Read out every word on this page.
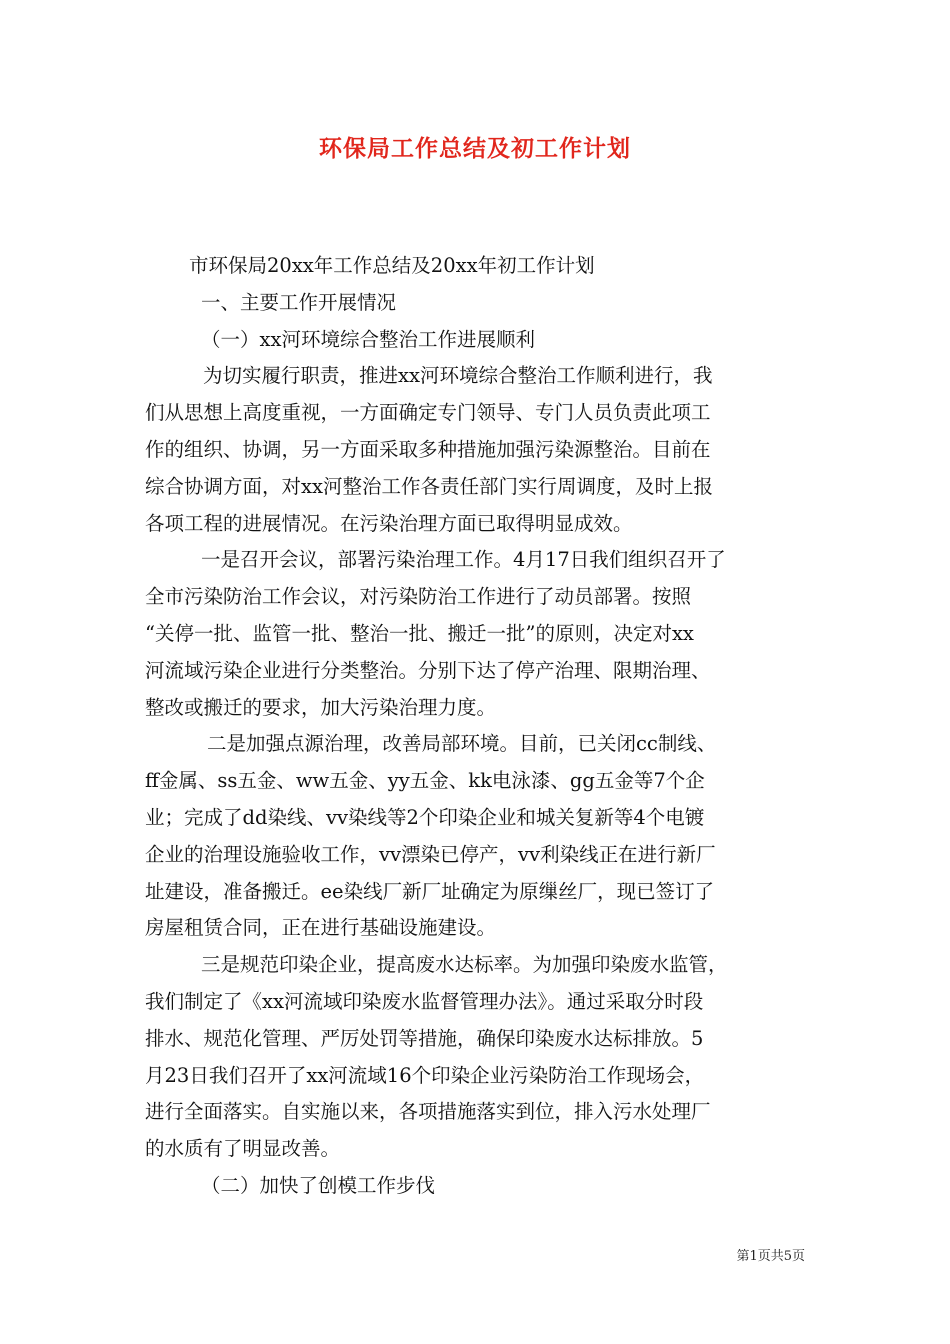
环保局工作总结及初工作计划
市环保局20xx年工作总结及20xx年初工作计划
一、主要工作开展情况
（一）xx河环境综合整治工作进展顺利
为切实履行职责，推进xx河环境综合整治工作顺利进行，我
们从思想上高度重视，一方面确定专门领导、专门人员负责此项工
作的组织、协调，另一方面采取多种措施加强污染源整治。目前在
综合协调方面，对xx河整治工作各责任部门实行周调度，及时上报
各项工程的进展情况。在污染治理方面已取得明显成效。
一是召开会议，部署污染治理工作。4月17日我们组织召开了
全市污染防治工作会议，对污染防治工作进行了动员部署。按照
“关停一批、监管一批、整治一批、搬迁一批”的原则，决定对xx
河流域污染企业进行分类整治。分别下达了停产治理、限期治理、
整改或搬迁的要求，加大污染治理力度。
二是加强点源治理，改善局部环境。目前，已关闭cc制线、
ff金属、ss五金、ww五金、yy五金、kk电泳漆、gg五金等7个企
业；完成了dd染线、vv染线等2个印染企业和城关复新等4个电镀
企业的治理设施验收工作，vv漂染已停产，vv利染线正在进行新厂
址建设，准备搬迁。ee染线厂新厂址确定为原缫丝厂，现已签订了
房屋租赁合同，正在进行基础设施建设。
三是规范印染企业，提高废水达标率。为加强印染废水监管，
我们制定了《xx河流域印染废水监督管理办法》。通过采取分时段
排水、规范化管理、严厉处罚等措施，确保印染废水达标排放。5
月23日我们召开了xx河流域16个印染企业污染防治工作现场会，
进行全面落实。自实施以来，各项措施落实到位，排入污水处理厂
的水质有了明显改善。
（二）加快了创模工作步伐
第1页共5页
